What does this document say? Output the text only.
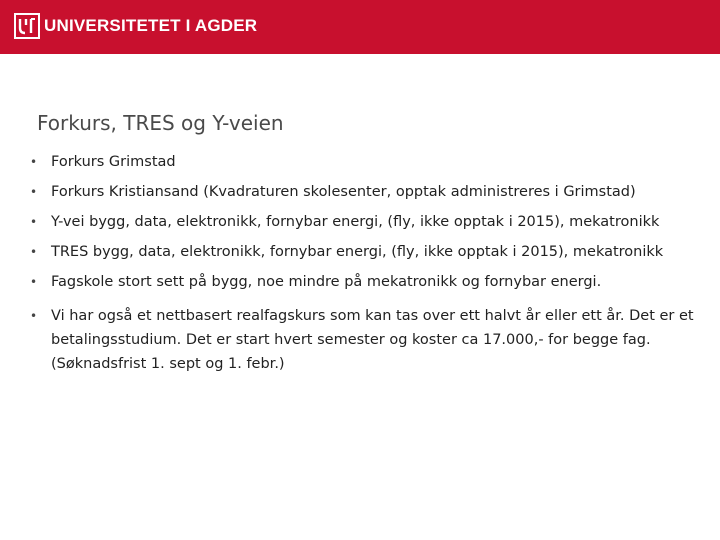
UNIVERSITETET I AGDER
Forkurs, TRES og Y-veien
• Forkurs Grimstad
• Forkurs Kristiansand (Kvadraturen skolesenter, opptak administreres i Grimstad)
• Y-vei bygg, data, elektronikk, fornybar energi, (fly, ikke opptak i 2015), mekatronikk
• TRES bygg, data, elektronikk, fornybar energi, (fly, ikke opptak i 2015), mekatronikk
• Fagskole stort sett på bygg, noe mindre på mekatronikk og fornybar energi.
• Vi har også et nettbasert realfagskurs som kan tas over ett halvt år eller ett år. Det er et betalingsstudium. Det er start hvert semester og koster ca 17.000,- for begge fag. (Søknadsfrist 1. sept og 1. febr.)
